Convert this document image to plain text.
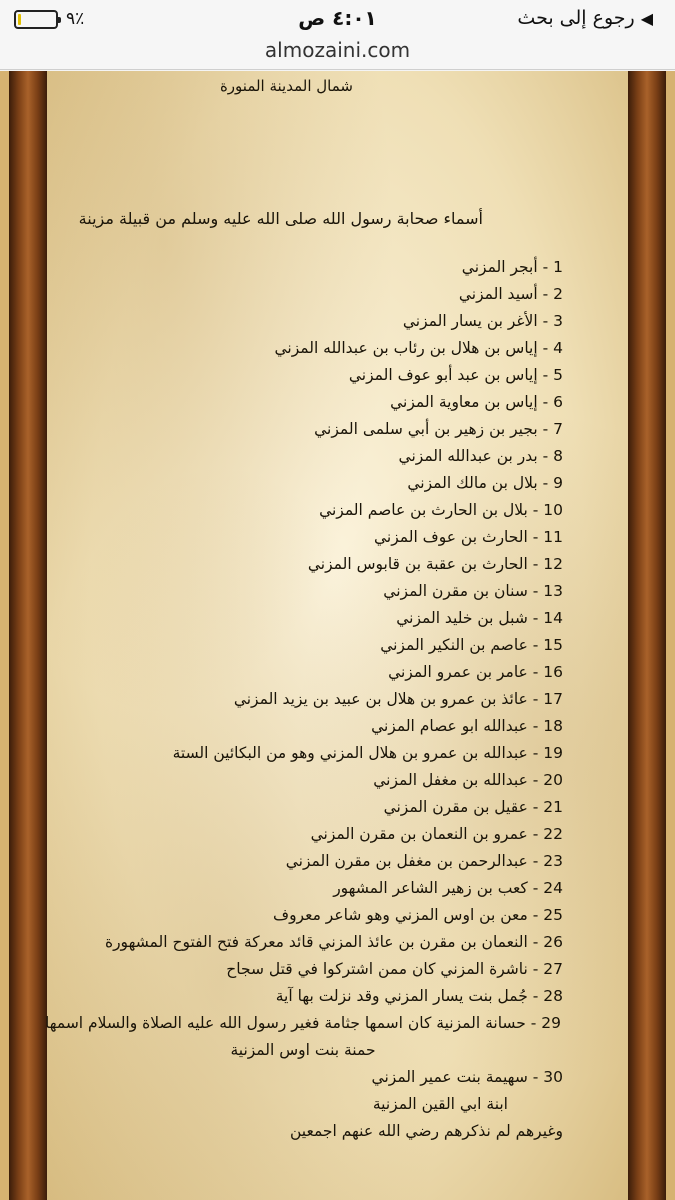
◀
رجوع إلى بحث
٤:٠١ ص
٩٪
almozaini.com
شمال المدينة المنورة
أسماء صحابة رسول الله صلى الله عليه وسلم من قبيلة مزينة
1 - أبجر المزني
2 - أسيد المزني
3 - الأغر بن يسار المزني
4 - إياس بن هلال بن رئاب بن عبدالله المزني
5 - إياس بن عبد أبو عوف المزني
6 - إياس بن معاوية المزني
7 - بجير بن زهير بن أبي سلمى المزني
8 - بدر بن عبدالله المزني
9 - بلال بن مالك المزني
10 - بلال بن الحارث بن عاصم المزني
11 - الحارث بن عوف المزني
12 - الحارث بن عقبة بن قابوس المزني
13 - سنان بن مقرن المزني
14 - شبل بن خليد المزني
15 - عاصم بن النكير المزني
16 - عامر بن عمرو المزني
17 - عائذ بن عمرو بن هلال بن عبيد بن يزيد المزني
18 - عبدالله ابو عصام المزني
19 - عبدالله بن عمرو بن هلال المزني وهو من البكائين الستة
20 - عبدالله بن مغفل المزني
21 - عقيل بن مقرن المزني
22 - عمرو بن النعمان بن مقرن المزني
23 - عبدالرحمن بن مغفل بن مقرن المزني
24 - كعب بن زهير الشاعر المشهور
25 - معن بن اوس المزني وهو شاعر معروف
26 - النعمان بن مقرن بن عائذ المزني قائد معركة فتح الفتوح المشهورة
27 - ناشرة المزني كان ممن اشتركوا في قتل سجاح
28 - جُمل بنت يسار المزني وقد نزلت بها آية
29 - حسانة المزنية كان اسمها جثامة فغير رسول الله عليه الصلاة والسلام اسمها حمنة بنت اوس المزنية
30 - سهيمة بنت عمير المزني
ابنة ابي القين المزنية
وغيرهم لم نذكرهم رضي الله عنهم اجمعين
